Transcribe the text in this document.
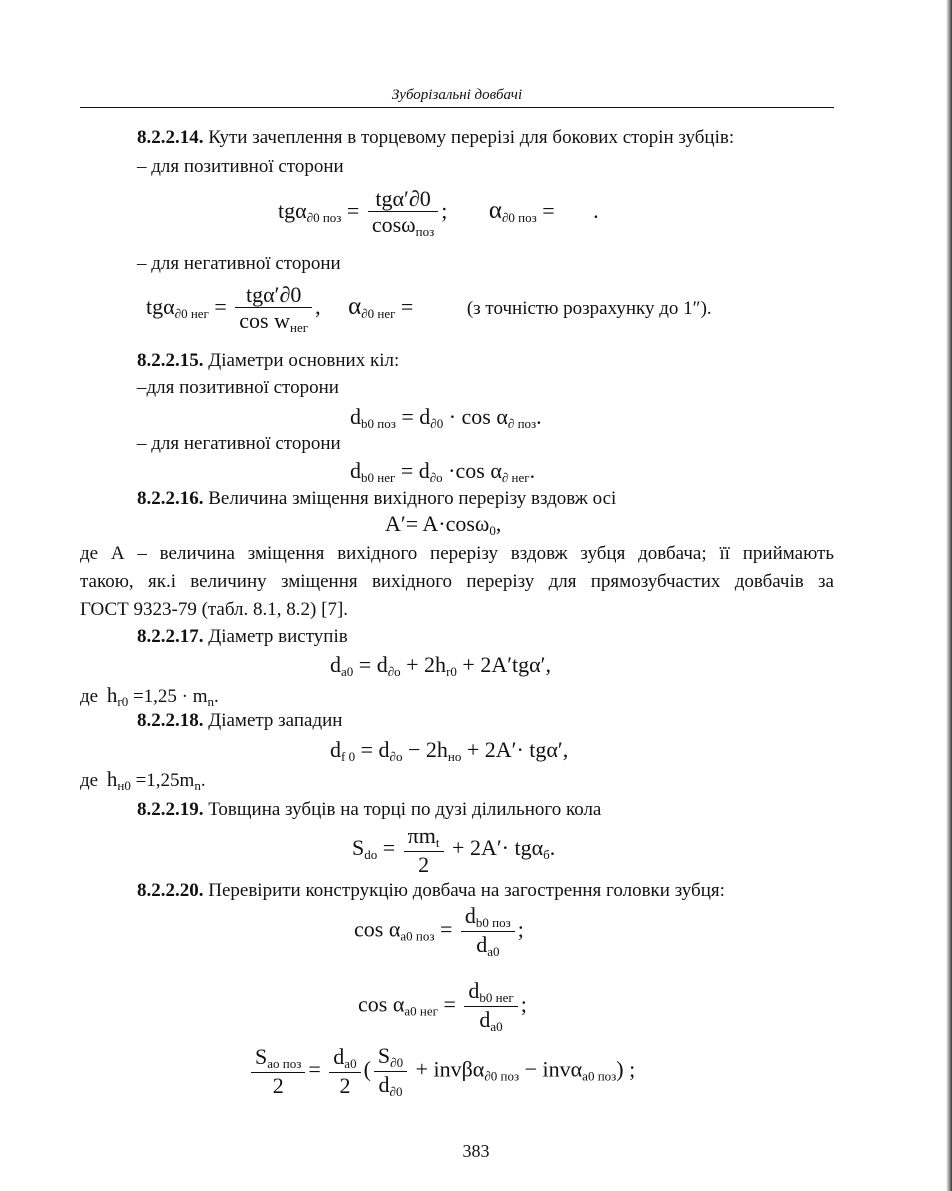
Зуборізальні довбачі
8.2.2.14. Кути зачеплення в торцевому перерізі для бокових сторін зубців:
– для позитивної сторони
$tg\alpha_{\partial 0 поз} = \frac{\text{tgα′∂0}}{\cos\omega_{поз}}$ ; $\alpha_{\partial 0 поз}$ =       .
– для негативної сторони
$tg\alpha_{\partial 0 нег} = \frac{\text{tgα′∂0}}{\cos w_{нег}}$ , $\alpha_{\partial 0 нег}$ =	(з точністю розрахунку до 1″).
8.2.2.15. Діаметри основних кіл:
–для позитивної сторони
$d_{b0 поз} = d_{\partial 0} \cdot \cos \alpha_{\partial поз}$.
– для негативної сторони
$d_{b0 нег} = d_{\partial o} \cdot\cos$ $\alpha_{\partial нег}$.
8.2.2.16. Величина зміщення вихідного перерізу вздовж осі
A′= A·cosω$_0$,
де А – величина зміщення вихідного перерізу вздовж зубця довбача; її приймають
такою, як.і величину зміщення вихідного перерізу для прямозубчастих довбачів за
ГОСТ 9323-79 (табл. 8.1, 8.2) [7].
8.2.2.17. Діаметр виступів
$d_{a0} = d_{\partial o} + 2h_{r0} + 2A'tg\alpha'$,
де $h_{r0} =1,25 \cdot m_n$.
8.2.2.18. Діаметр западин
$d_{f 0} = d_{\partial o} - 2h_{но} + 2A'\cdot tg\alpha'$,
де $h_{н0} =1,25m_n$.
8.2.2.19. Товщина зубців на торці по дузі ділильного кола
$S_{do} = \frac{\pi m_t}{2} + 2A'\cdot tg\alpha_б$.
8.2.2.20. Перевірити конструкцію довбача на загострення головки зубця:
$\cos \alpha_{a0 поз} = \frac{d_{b0 поз}}{d_{a0}}$ ;
$\cos \alpha_{a0 нег} = \frac{d_{b0 нег}}{d_{a0}}$ ;
$\frac{S_{ao поз}}{2} = \frac{d_{a0}}{2}$ ( $\frac{S_{\partial 0}}{d_{\partial 0}} + inv\beta\alpha_{\partial 0 поз} - inv\alpha_{a0 поз}$) ;
383
